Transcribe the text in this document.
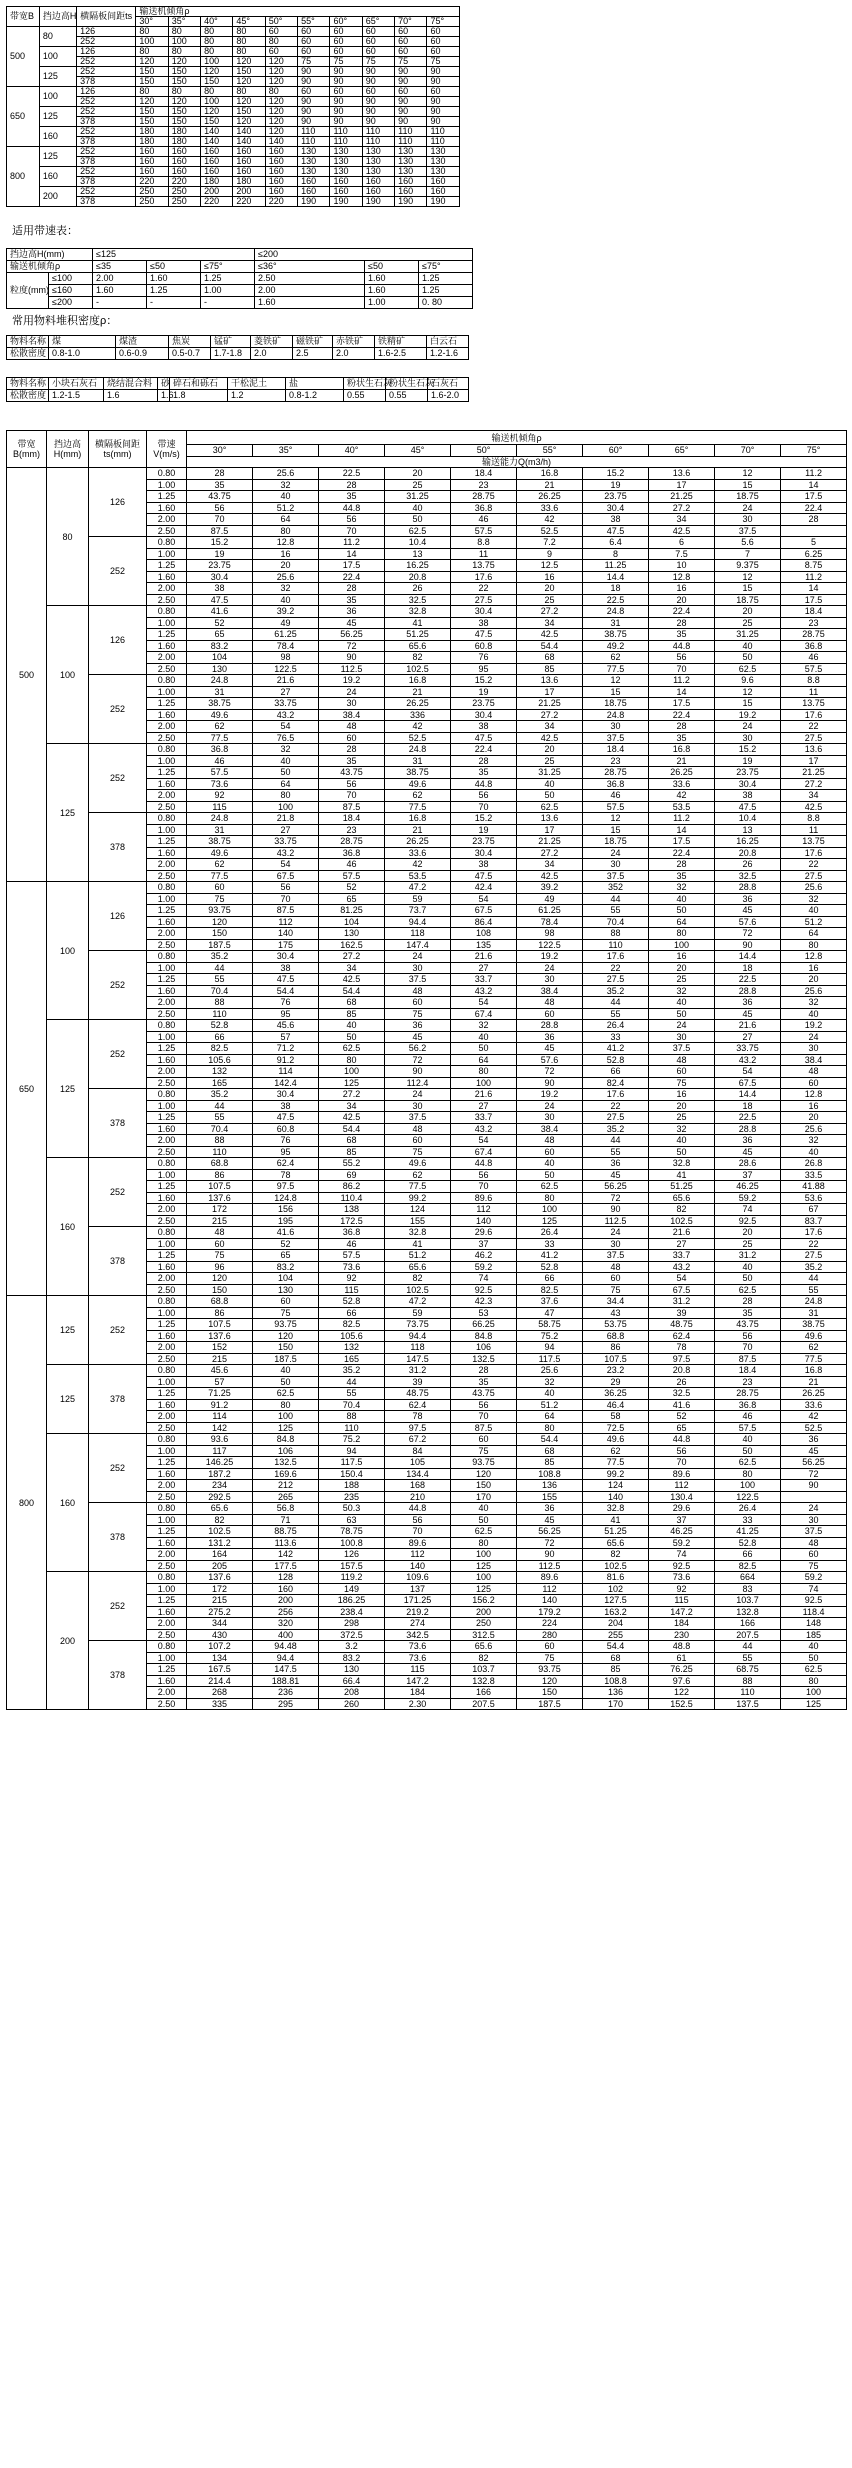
带宽B	挡边高H	横隔板间距ts	输送机倾角ρ									
			30°	35°	40°	45°	50°	55°	60°	65°	70°	75°
500	80	126	80	80	80	80	60	60	60	60	60	60
		252	100	100	80	80	80	60	60	60	60	60
	100	126	80	80	80	80	60	60	60	60	60	60
		252	120	120	100	120	120	75	75	75	75	75
	125	252	150	150	120	150	120	90	90	90	90	90
		378	150	150	150	120	120	90	90	90	90	90
650	100	126	80	80	80	80	80	60	60	60	60	60
		252	120	120	100	120	120	90	90	90	90	90
	125	252	150	150	120	150	120	90	90	90	90	90
		378	150	150	150	120	120	90	90	90	90	90
	160	252	180	180	140	140	120	110	110	110	110	110
		378	180	180	140	140	140	110	110	110	110	110
800	125	252	160	160	160	160	160	130	130	130	130	130
		378	160	160	160	160	160	130	130	130	130	130
	160	252	160	160	160	160	160	130	130	130	130	130
		378	220	220	180	180	160	160	160	160	160	160
	200	252	250	250	200	200	160	160	160	160	160	160
		378	250	250	220	220	220	190	190	190	190	190
适用带速表：
挡边高H(mm)		≤125			≤200		
输送机倾角ρ		≤35	≤50	≤75°	≤36°	≤50	≤75°
粒度(mm)	≤100	2.00	1.60	1.25	2.50	1.60	1.25
	≤160	1.60	1.25	1.00	2.00	1.60	1.25
	≤200	-	-	-	1.60	1.00	0. 80
常用物料堆积密度ρ：
物料名称	煤	煤渣	焦炭	锰矿	菱铁矿	磁铁矿	赤铁矿	铁精矿	白云石
松散密度	0.8-1.0	0.6-0.9	0.5-0.7	1.7-1.8	2.0	2.5	2.0	1.6-2.5	1.2-1.6
物料名称	小块石灰石	烧结混合料	砂	碎石和砾石	干松泥土	盐	粉状生石灰	粉状生石灰	石灰石
松散密度	1.2-1.5	1.6	1.6	1.8	1.2	0.8-1.2	0.55	0.55	1.6-2.0
带宽B(mm)	挡边高H(mm)	横隔板间距ts(mm)	带速V(m/s)	输送机倾角ρ									
				30°	35°	40°	45°	50°	55°	60°	65°	70°	75°
				输送能力Q(m3/h)									
500	80	126	0.80	28	25.6	22.5	20	18.4	16.8	15.2	13.6	12	11.2
			1.00	35	32	28	25	23	21	19	17	15	14
			1.25	43.75	40	35	31.25	28.75	26.25	23.75	21.25	18.75	17.5
			1.60	56	51.2	44.8	40	36.8	33.6	30.4	27.2	24	22.4
			2.00	70	64	56	50	46	42	38	34	30	28
			2.50	87.5	80	70	62.5	57.5	52.5	47.5	42.5	37.5	
		252	0.80	15.2	12.8	11.2	10.4	8.8	7.2	6.4	6	5.6	5
			1.00	19	16	14	13	11	9	8	7.5	7	6.25
			1.25	23.75	20	17.5	16.25	13.75	12.5	11.25	10	9.375	8.75
			1.60	30.4	25.6	22.4	20.8	17.6	16	14.4	12.8	12	11.2
			2.00	38	32	28	26	22	20	18	16	15	14
			2.50	47.5	40	35	32.5	27.5	25	22.5	20	18.75	17.5
	100	126	0.80	41.6	39.2	36	32.8	30.4	27.2	24.8	22.4	20	18.4
			1.00	52	49	45	41	38	34	31	28	25	23
			1.25	65	61.25	56.25	51.25	47.5	42.5	38.75	35	31.25	28.75
			1.60	83.2	78.4	72	65.6	60.8	54.4	49.2	44.8	40	36.8
			2.00	104	98	90	82	76	68	62	56	50	46
			2.50	130	122.5	112.5	102.5	95	85	77.5	70	62.5	57.5
		252	0.80	24.8	21.6	19.2	16.8	15.2	13.6	12	11.2	9.6	8.8
			1.00	31	27	24	21	19	17	15	14	12	11
			1.25	38.75	33.75	30	26.25	23.75	21.25	18.75	17.5	15	13.75
			1.60	49.6	43.2	38.4	336	30.4	27.2	24.8	22.4	19.2	17.6
			2.00	62	54	48	42	38	34	30	28	24	22
			2.50	77.5	76.5	60	52.5	47.5	42.5	37.5	35	30	27.5
	125	252	0.80	36.8	32	28	24.8	22.4	20	18.4	16.8	15.2	13.6
			1.00	46	40	35	31	28	25	23	21	19	17
			1.25	57.5	50	43.75	38.75	35	31.25	28.75	26.25	23.75	21.25
			1.60	73.6	64	56	49.6	44.8	40	36.8	33.6	30.4	27.2
			2.00	92	80	70	62	56	50	46	42	38	34
			2.50	115	100	87.5	77.5	70	62.5	57.5	53.5	47.5	42.5
		378	0.80	24.8	21.8	18.4	16.8	15.2	13.6	12	11.2	10.4	8.8
			1.00	31	27	23	21	19	17	15	14	13	11
			1.25	38.75	33.75	28.75	26.25	23.75	21.25	18.75	17.5	16.25	13.75
			1.60	49.6	43.2	36.8	33.6	30.4	27.2	24	22.4	20.8	17.6
			2.00	62	54	46	42	38	34	30	28	26	22
			2.50	77.5	67.5	57.5	53.5	47.5	42.5	37.5	35	32.5	27.5
650	100	126	0.80	60	56	52	47.2	42.4	39.2	352	32	28.8	25.6
			1.00	75	70	65	59	54	49	44	40	36	32
			1.25	93.75	87.5	81.25	73.7	67.5	61.25	55	50	45	40
			1.60	120	112	104	94.4	86.4	78.4	70.4	64	57.6	51.2
			2.00	150	140	130	118	108	98	88	80	72	64
			2.50	187.5	175	162.5	147.4	135	122.5	110	100	90	80
		252	0.80	35.2	30.4	27.2	24	21.6	19.2	17.6	16	14.4	12.8
			1.00	44	38	34	30	27	24	22	20	18	16
			1.25	55	47.5	42.5	37.5	33.7	30	27.5	25	22.5	20
			1.60	70.4	54.4	54.4	48	43.2	38.4	35.2	32	28.8	25.6
			2.00	88	76	68	60	54	48	44	40	36	32
			2.50	110	95	85	75	67.4	60	55	50	45	40
	125	252	0.80	52.8	45.6	40	36	32	28.8	26.4	24	21.6	19.2
			1.00	66	57	50	45	40	36	33	30	27	24
			1.25	82.5	71.2	62.5	56.2	50	45	41.2	37.5	33.75	30
			1.60	105.6	91.2	80	72	64	57.6	52.8	48	43.2	38.4
			2.00	132	114	100	90	80	72	66	60	54	48
			2.50	165	142.4	125	112.4	100	90	82.4	75	67.5	60
		378	0.80	35.2	30.4	27.2	24	21.6	19.2	17.6	16	14.4	12.8
			1.00	44	38	34	30	27	24	22	20	18	16
			1.25	55	47.5	42.5	37.5	33.7	30	27.5	25	22.5	20
			1.60	70.4	60.8	54.4	48	43.2	38.4	35.2	32	28.8	25.6
			2.00	88	76	68	60	54	48	44	40	36	32
			2.50	110	95	85	75	67.4	60	55	50	45	40
	160	252	0.80	68.8	62.4	55.2	49.6	44.8	40	36	32.8	28.6	26.8
			1.00	86	78	69	62	56	50	45	41	37	33.5
			1.25	107.5	97.5	86.2	77.5	70	62.5	56.25	51.25	46.25	41.88
			1.60	137.6	124.8	110.4	99.2	89.6	80	72	65.6	59.2	53.6
			2.00	172	156	138	124	112	100	90	82	74	67
			2.50	215	195	172.5	155	140	125	112.5	102.5	92.5	83.7
		378	0.80	48	41.6	36.8	32.8	29.6	26.4	24	21.6	20	17.6
			1.00	60	52	46	41	37	33	30	27	25	22
			1.25	75	65	57.5	51.2	46.2	41.2	37.5	33.7	31.2	27.5
			1.60	96	83.2	73.6	65.6	59.2	52.8	48	43.2	40	35.2
			2.00	120	104	92	82	74	66	60	54	50	44
			2.50	150	130	115	102.5	92.5	82.5	75	67.5	62.5	55
800	125	252	0.80	68.8	60	52.8	47.2	42.3	37.6	34.4	31.2	28	24.8
			1.00	86	75	66	59	53	47	43	39	35	31
			1.25	107.5	93.75	82.5	73.75	66.25	58.75	53.75	48.75	43.75	38.75
			1.60	137.6	120	105.6	94.4	84.8	75.2	68.8	62.4	56	49.6
			2.00	152	150	132	118	106	94	86	78	70	62
			2.50	215	187.5	165	147.5	132.5	117.5	107.5	97.5	87.5	77.5
	125	378	0.80	45.6	40	35.2	31.2	28	25.6	23.2	20.8	18.4	16.8
			1.00	57	50	44	39	35	32	29	26	23	21
			1.25	71.25	62.5	55	48.75	43.75	40	36.25	32.5	28.75	26.25
			1.60	91.2	80	70.4	62.4	56	51.2	46.4	41.6	36.8	33.6
			2.00	114	100	88	78	70	64	58	52	46	42
			2.50	142	125	110	97.5	87.5	80	72.5	65	57.5	52.5
	160	252	0.80	93.6	84.8	75.2	67.2	60	54.4	49.6	44.8	40	36
			1.00	117	106	94	84	75	68	62	56	50	45
			1.25	146.25	132.5	117.5	105	93.75	85	77.5	70	62.5	56.25
			1.60	187.2	169.6	150.4	134.4	120	108.8	99.2	89.6	80	72
			2.00	234	212	188	168	150	136	124	112	100	90
			2.50	292.5	265	235	210	170	155	140	130.4	122.5	
		378	0.80	65.6	56.8	50.3	44.8	40	36	32.8	29.6	26.4	24
			1.00	82	71	63	56	50	45	41	37	33	30
			1.25	102.5	88.75	78.75	70	62.5	56.25	51.25	46.25	41.25	37.5
			1.60	131.2	113.6	100.8	89.6	80	72	65.6	59.2	52.8	48
			2.00	164	142	126	112	100	90	82	74	66	60
			2.50	205	177.5	157.5	140	125	112.5	102.5	92.5	82.5	75
	200	252	0.80	137.6	128	119.2	109.6	100	89.6	81.6	73.6	664	59.2
			1.00	172	160	149	137	125	112	102	92	83	74
			1.25	215	200	186.25	171.25	156.2	140	127.5	115	103.7	92.5
			1.60	275.2	256	238.4	219.2	200	179.2	163.2	147.2	132.8	118.4
			2.00	344	320	298	274	250	224	204	184	166	148
			2.50	430	400	372.5	342.5	312.5	280	255	230	207.5	185
		378	0.80	107.2	94.48	3.2	73.6	65.6	60	54.4	48.8	44	40
			1.00	134	94.4	83.2	73.6	82	75	68	61	55	50
			1.25	167.5	147.5	130	115	103.7	93.75	85	76.25	68.75	62.5
			1.60	214.4	188.81	66.4	147.2	132.8	120	108.8	97.6	88	80
			2.00	268	236	208	184	166	150	136	122	110	100
			2.50	335	295	260	2.30	207.5	187.5	170	152.5	137.5	125
